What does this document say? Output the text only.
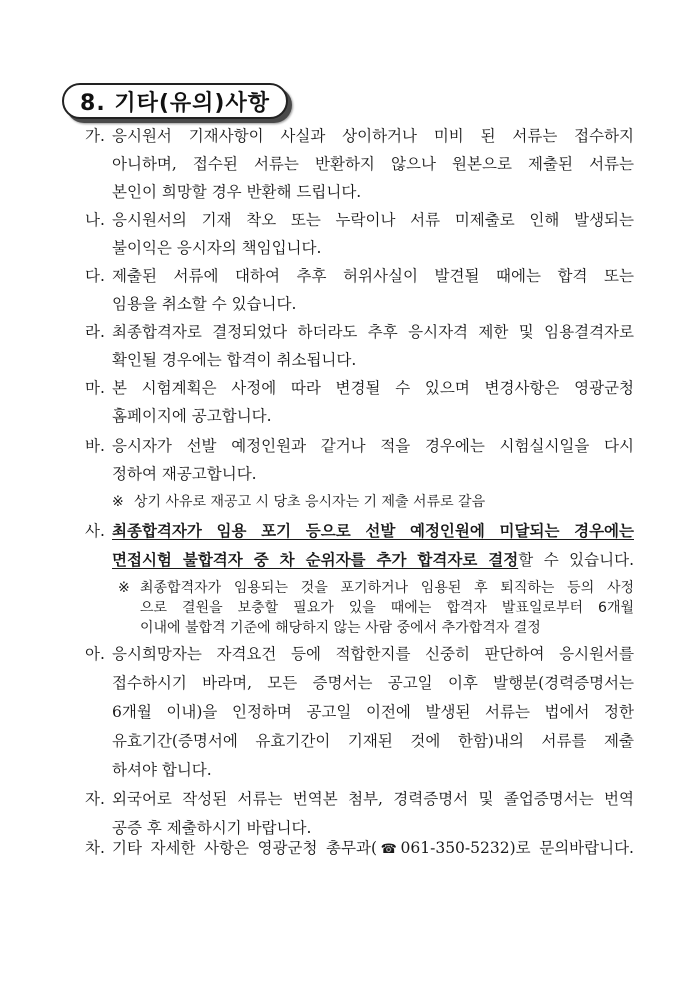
8. 기타(유의)사항
가. 응시원서 기재사항이 사실과 상이하거나 미비 된 서류는 접수하지
아니하며, 접수된 서류는 반환하지 않으나 원본으로 제출된 서류는
본인이 희망할 경우 반환해 드립니다.
나. 응시원서의 기재 착오 또는 누락이나 서류 미제출로 인해 발생되는
불이익은 응시자의 책임입니다.
다. 제출된 서류에 대하여 추후 허위사실이 발견될 때에는 합격 또는
임용을 취소할 수 있습니다.
라. 최종합격자로 결정되었다 하더라도 추후 응시자격 제한 및 임용결격자로
확인될 경우에는 합격이 취소됩니다.
마. 본 시험계획은 사정에 따라 변경될 수 있으며 변경사항은 영광군청
홈페이지에 공고합니다.
바. 응시자가 선발 예정인원과 같거나 적을 경우에는 시험실시일을 다시
정하여 재공고합니다.
※ 상기 사유로 재공고 시 당초 응시자는 기 제출 서류로 갈음
사. 최종합격자가 임용 포기 등으로 선발 예정인원에 미달되는 경우에는
면접시험 불합격자 중 차 순위자를 추가 합격자로 결정할 수 있습니다.
※ 최종합격자가 임용되는 것을 포기하거나 임용된 후 퇴직하는 등의 사정
으로 결원을 보충할 필요가 있을 때에는 합격자 발표일로부터 6개월
이내에 불합격 기준에 해당하지 않는 사람 중에서 추가합격자 결정
아. 응시희망자는 자격요건 등에 적합한지를 신중히 판단하여 응시원서를
접수하시기 바라며, 모든 증명서는 공고일 이후 발행분(경력증명서는
6개월 이내)을 인정하며 공고일 이전에 발생된 서류는 법에서 정한
유효기간(증명서에 유효기간이 기재된 것에 한함)내의 서류를 제출
하셔야 합니다.
자. 외국어로 작성된 서류는 번역본 첨부, 경력증명서 및 졸업증명서는 번역
공증 후 제출하시기 바랍니다.
차. 기타 자세한 사항은 영광군청 총무과(☎061-350-5232)로 문의바랍니다.
